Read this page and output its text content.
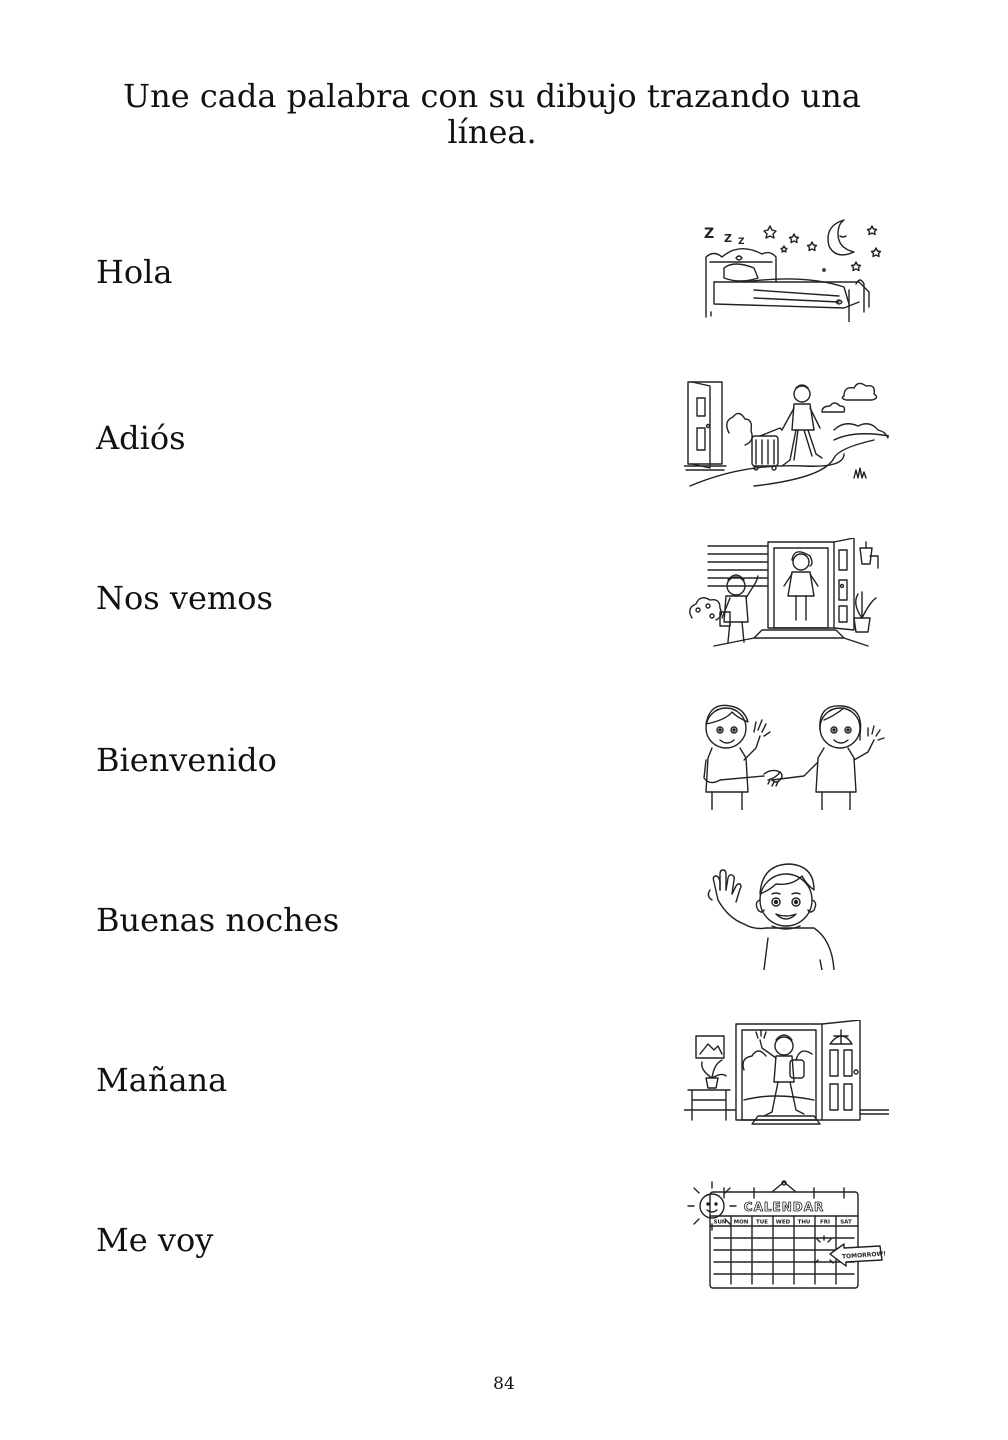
Une cada palabra con su dibujo trazando una línea.
Hola
Z Z Z
Adiós
Nos vemos
Bienvenido
Buenas noches
Mañana
Me voy
CALENDAR
SUN MON TUE WED THU FRI SAT
TOMORROW!
84
